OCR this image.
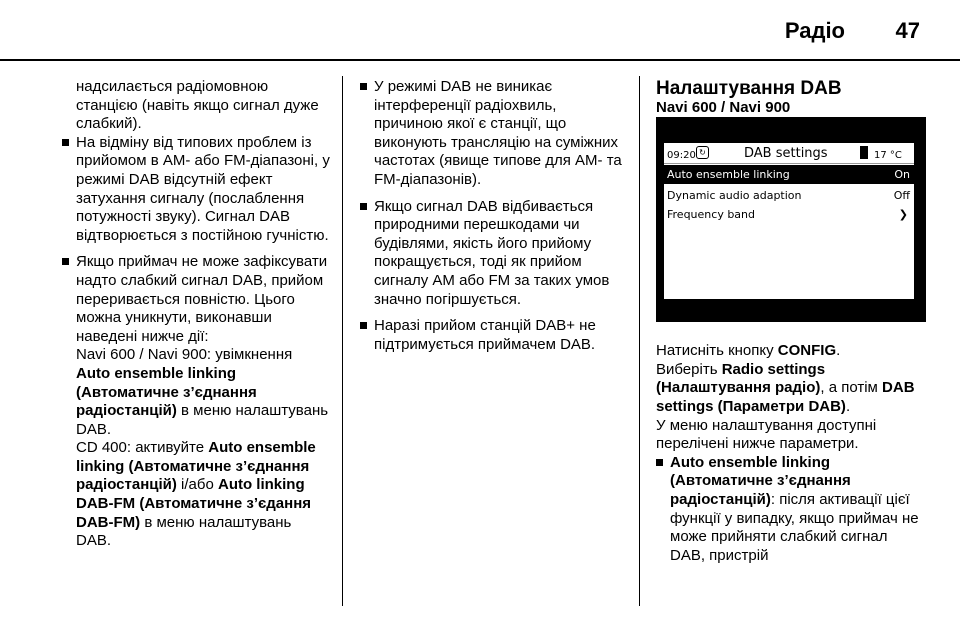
Радіо 47

надсилається радіомовною станцією (навіть якщо сигнал дуже слабкий).

На відміну від типових проблем із прийомом в АМ- або FM-діапазоні, у режимі DAB відсутній ефект затухання сигналу (послаблення потужності звуку). Сигнал DAB відтворюється з постійною гучністю.

Якщо приймач не може зафіксувати надто слабкий сигнал DAB, прийом переривається повністю. Цього можна уникнути, виконавши наведені нижче дії:

Navi 600 / Navi 900: увімкнення Auto ensemble linking (Автоматичне з’єднання радіостанцій) в меню налаштувань DAB.

CD 400: активуйте Auto ensemble linking (Автоматичне з’єднання радіостанцій) і/або Auto linking DAB-FM (Автоматичне з’єдання DAB-FM) в меню налаштувань DAB.

У режимі DAB не виникає інтерференції радіохвиль, причиною якої є станції, що виконують трансляцію на суміжних частотах (явище типове для АМ- та FM-діапазонів).

Якщо сигнал DAB відбивається природними перешкодами чи будівлями, якість його прийому покращується, тоді як прийом сигналу AM або FM за таких умов значно погіршується.

Наразі прийом станцій DAB+ не підтримується приймачем DAB.

Налаштування DAB

Navi 600 / Navi 900

09:20 ↻	DAB settings	17 °C
Auto ensemble linking	On
Dynamic audio adaption	Off
Frequency band	❯

Натисніть кнопку CONFIG.

Виберіть Radio settings (Налаштування радіо), а потім DAB settings (Параметри DAB).

У меню налаштування доступні перелічені нижче параметри.

Auto ensemble linking (Автоматичне з’єднання радіостанцій): після активації цієї функції у випадку, якщо приймач не може прийняти слабкий сигнал DAB, пристрій
